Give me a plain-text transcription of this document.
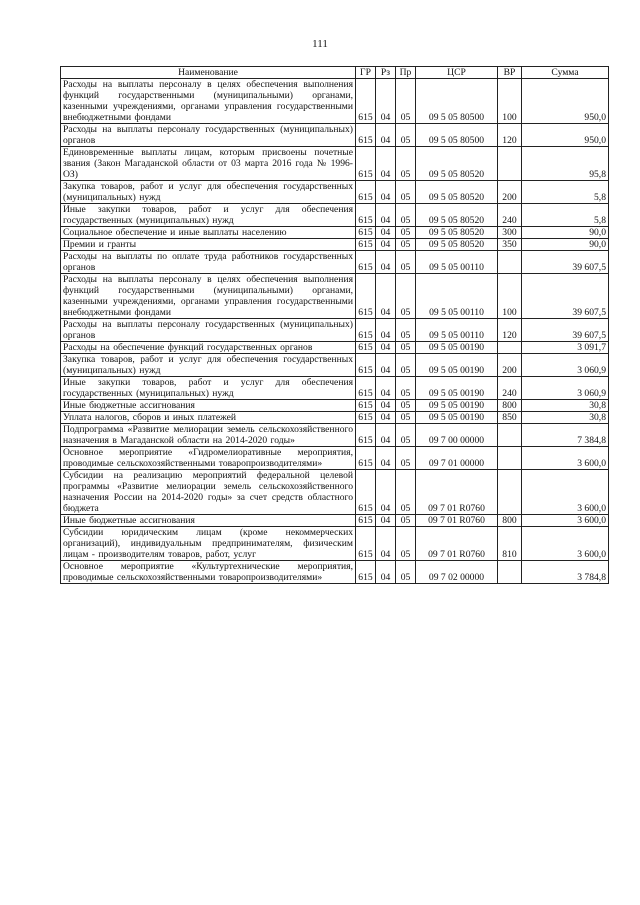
111
Наименование	ГР	Рз	Пр	ЦСР	ВР	Сумма
Расходы на выплаты персоналу в целях обеспечения выполнения функций государственными (муниципальными) органами, казенными учреждениями, органами управления государственными внебюджетными фондами	615	04	05	09 5 05 80500	100	950,0
Расходы на выплаты персоналу государственных (муниципальных) органов	615	04	05	09 5 05 80500	120	950,0
Единовременные выплаты лицам, которым присвоены почетные звания (Закон Магаданской области от 03 марта 2016 года № 1996-ОЗ)	615	04	05	09 5 05 80520		95,8
Закупка товаров, работ и услуг для обеспечения государственных (муниципальных) нужд	615	04	05	09 5 05 80520	200	5,8
Иные закупки товаров, работ и услуг для обеспечения государственных (муниципальных) нужд	615	04	05	09 5 05 80520	240	5,8
Социальное обеспечение и иные выплаты населению	615	04	05	09 5 05 80520	300	90,0
Премии и гранты	615	04	05	09 5 05 80520	350	90,0
Расходы на выплаты по оплате труда работников государственных органов	615	04	05	09 5 05 00110		39 607,5
Расходы на выплаты персоналу в целях обеспечения выполнения функций государственными (муниципальными) органами, казенными учреждениями, органами управления государственными внебюджетными фондами	615	04	05	09 5 05 00110	100	39 607,5
Расходы на выплаты персоналу государственных (муниципальных) органов	615	04	05	09 5 05 00110	120	39 607,5
Расходы на обеспечение функций государственных органов	615	04	05	09 5 05 00190		3 091,7
Закупка товаров, работ и услуг для обеспечения государственных (муниципальных) нужд	615	04	05	09 5 05 00190	200	3 060,9
Иные закупки товаров, работ и услуг для обеспечения государственных (муниципальных) нужд	615	04	05	09 5 05 00190	240	3 060,9
Иные бюджетные ассигнования	615	04	05	09 5 05 00190	800	30,8
Уплата налогов, сборов и иных платежей	615	04	05	09 5 05 00190	850	30,8
Подпрограмма «Развитие мелиорации земель сельскохозяйственного назначения в Магаданской области на 2014-2020 годы»	615	04	05	09 7 00 00000		7 384,8
Основное мероприятие «Гидромелиоративные мероприятия, проводимые сельскохозяйственными товаропроизводителями»	615	04	05	09 7 01 00000		3 600,0
Субсидии на реализацию мероприятий федеральной целевой программы «Развитие мелиорации земель сельскохозяйственного назначения России на 2014-2020 годы» за счет средств областного бюджета	615	04	05	09 7 01 R0760		3 600,0
Иные бюджетные ассигнования	615	04	05	09 7 01 R0760	800	3 600,0
Субсидии юридическим лицам (кроме некоммерческих организаций), индивидуальным предпринимателям, физическим лицам - производителям товаров, работ, услуг	615	04	05	09 7 01 R0760	810	3 600,0
Основное мероприятие «Культуртехнические мероприятия, проводимые сельскохозяйственными товаропроизводителями»	615	04	05	09 7 02 00000		3 784,8
